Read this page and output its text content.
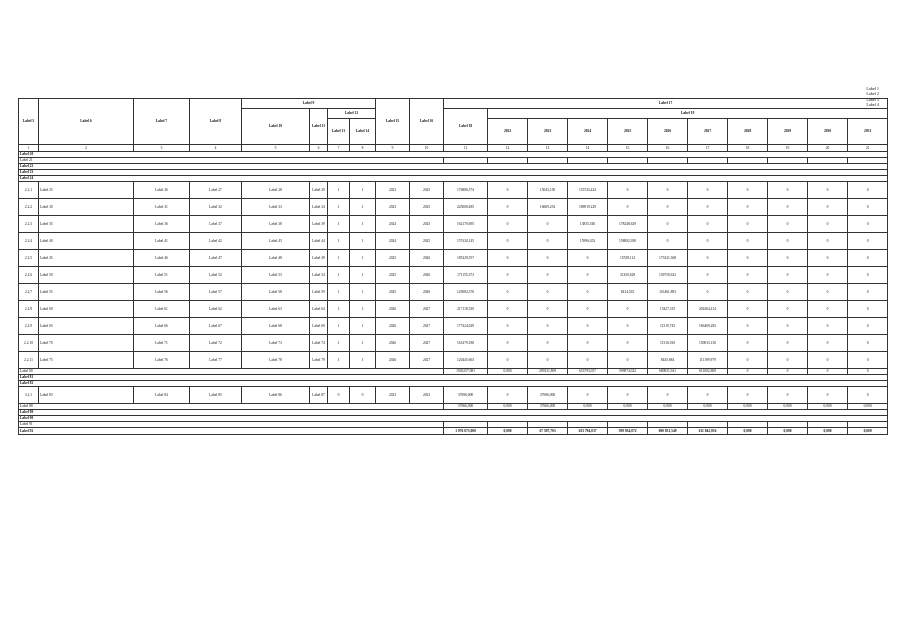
Label 1
Label 2
Label 3
Label 4
Label 5	Label 6	Label 7	Label 8	Label 9				Label 15	Label 16	Label 17										
				Label 10	Label 11	Label 12				Label 18	Label 19									
						Label 13	Label 14				2022	2023	2024	2025	2026	2027	2028	2029	2030	2031
1	2	3	4	5	6	7	8	9	10	11	12	13	14	15	16	17	18	19	20	21
Label 20																				
Label 21																				
Label 22																				
Label 23																				
Label 24																				
2.2.1	Label 25	Label 26	Label 27	Label 28	Label 29	1	1	2023	2025	176886,574	0	15043,150	155743,424	0	0	0	0	0	0	0
2.2.2	Label 30	Label 31	Label 32	Label 33	Label 34	1	1	2023	2025	225008,485	0	16669,254	188919,229	0	0	0	0	0	0	0
2.2.3	Label 35	Label 36	Label 37	Label 38	Label 39	1	1	2024	2025	162170,695	0	0	13835,540	178248,629	0	0	0	0	0	0
2.2.4	Label 40	Label 41	Label 42	Label 43	Label 44	1	1	2024	2025	170120,145	0	0	15996,452	158082,390	0	0	0	0	0	0
2.2.5	Label 45	Label 46	Label 47	Label 48	Label 49	1	1	2025	2026	185229,557	0	0	0	15538,114	173321,368	0	0	0	0	0
2.2.6	Label 50	Label 51	Label 52	Label 53	Label 54	1	1	2025	2026	171155,373	0	0	0	31250,629	139750,623	0	0	0	0	0
2.2.7	Label 55	Label 56	Label 57	Label 58	Label 59	1	1	2025	2026	125082,376	0	0	0	8414,535	116461,893	0	0	0	0	0
2.2.8	Label 60	Label 61	Label 62	Label 63	Label 64	1	1	2026	2027	217118,530	0	0	0	0	15427,315	202464,414	0	0	0	0
2.2.9	Label 65	Label 66	Label 67	Label 68	Label 69	1	1	2026	2027	177424,029	0	0	0	0	11319,745	166469,283	0	0	0	0
2.2.10	Label 70	Label 71	Label 72	Label 73	Label 74	1	1	2026	2027	161479,180	0	0	0	0	11316,010	150033,130	0	0	0	0
2.2.11	Label 75	Label 76	Label 77	Label 78	Label 79	1	1	2026	2027	120445,663	0	0	0	0	8445,684	111199,979	0	0	0	0
Label 80										1945257,081	0,000	299331,809	633793,057	599874,022	680831,941	611002,808	0	0	0	0
Label 81																				
Label 82																				
3.2.1	Label 83	Label 84	Label 85	Label 86	Label 87	0	0	2023	2023	37696,000	0	37696,000	0	0	0	0	0	0	0	0
Label 88										37666,000	0,000	37666,000	0,000	0,000	0,000	0,000	0,000	0,000	0,000	0,000
Label 89																				
Label 90																				
Label 91																				
Label 92										1 976 073,000	0,000	67 597,703	633 794,037	599 934,072	690 831,549	611 042,816	0,000	0,000	0,000	0,000
